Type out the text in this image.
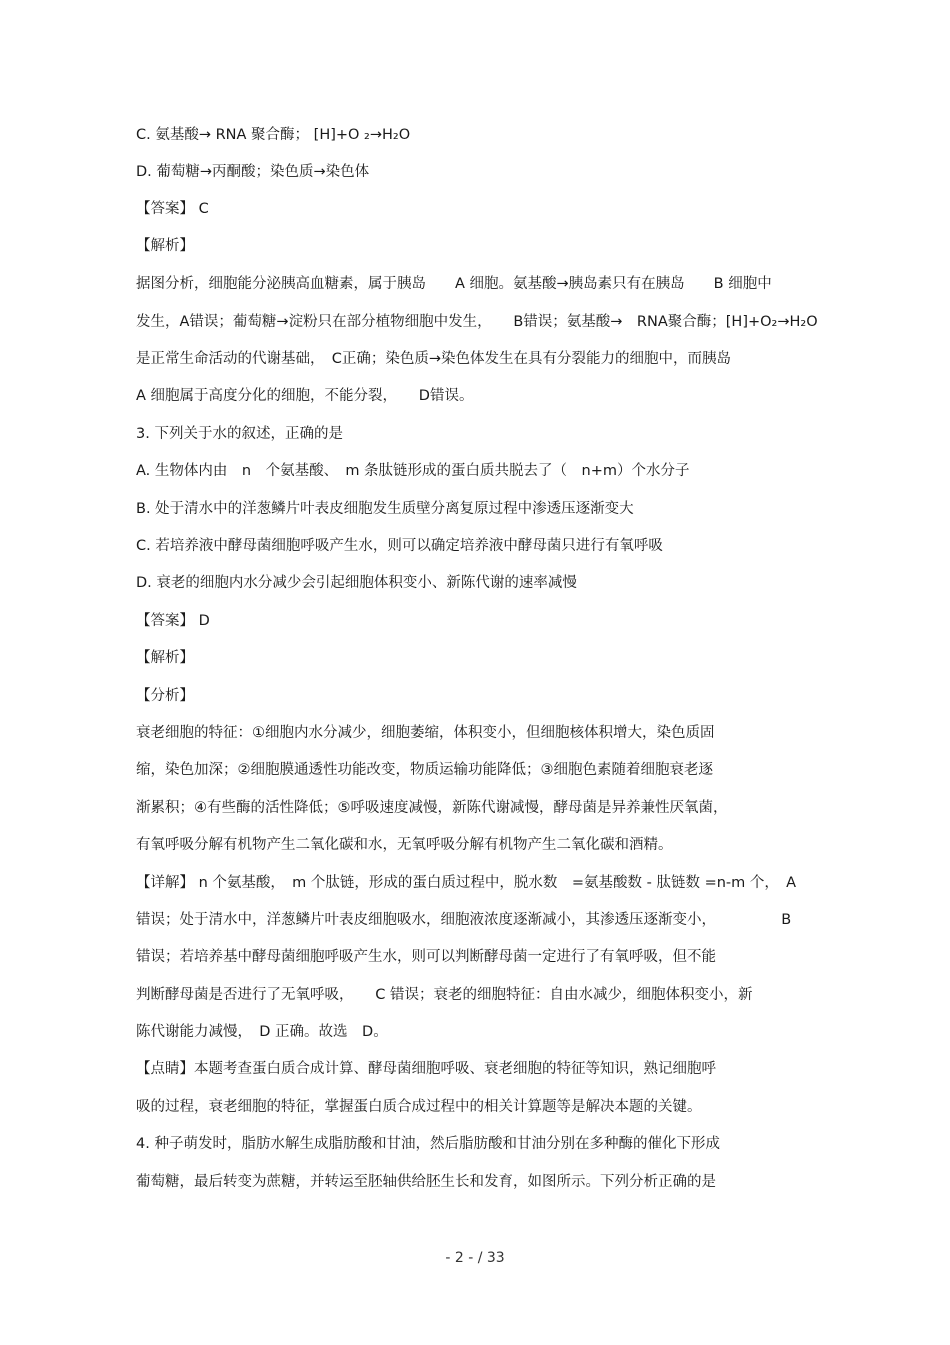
C. 氨基酸→ RNA 聚合酶； [H]+O ₂→H₂O
D. 葡萄糖→丙酮酸；染色质→染色体
【答案】 C
【解析】
据图分析，细胞能分泌胰高血糖素，属于胰岛　　A 细胞。氨基酸→胰岛素只有在胰岛　　B 细胞中
发生，A错误；葡萄糖→淀粉只在部分植物细胞中发生，　　B错误；氨基酸→　RNA聚合酶；[H]+O₂→H₂O
是正常生命活动的代谢基础，　C正确；染色质→染色体发生在具有分裂能力的细胞中，而胰岛
A 细胞属于高度分化的细胞，不能分裂，　　D错误。
3. 下列关于水的叙述，正确的是
A. 生物体内由　n　个氨基酸、　m 条肽链形成的蛋白质共脱去了（　n+m）个水分子
B. 处于清水中的洋葱鳞片叶表皮细胞发生质壁分离复原过程中渗透压逐渐变大
C. 若培养液中酵母菌细胞呼吸产生水，则可以确定培养液中酵母菌只进行有氧呼吸
D. 衰老的细胞内水分减少会引起细胞体积变小、新陈代谢的速率减慢
【答案】 D
【解析】
【分析】
衰老细胞的特征：①细胞内水分减少，细胞萎缩，体积变小，但细胞核体积增大，染色质固
缩，染色加深；②细胞膜通透性功能改变，物质运输功能降低；③细胞色素随着细胞衰老逐
渐累积；④有些酶的活性降低；⑤呼吸速度减慢，新陈代谢减慢，酵母菌是异养兼性厌氧菌，
有氧呼吸分解有机物产生二氧化碳和水，无氧呼吸分解有机物产生二氧化碳和酒精。
【详解】 n 个氨基酸，　m 个肽链，形成的蛋白质过程中，脱水数　=氨基酸数 - 肽链数 =n-m 个，　A
错误；处于清水中，洋葱鳞片叶表皮细胞吸水，细胞液浓度逐渐减小，其渗透压逐渐变小，　　　　　B
错误；若培养基中酵母菌细胞呼吸产生水，则可以判断酵母菌一定进行了有氧呼吸，但不能
判断酵母菌是否进行了无氧呼吸，　　C 错误；衰老的细胞特征：自由水减少，细胞体积变小，新
陈代谢能力减慢，　D 正确。故选　D。
【点睛】本题考查蛋白质合成计算、酵母菌细胞呼吸、衰老细胞的特征等知识，熟记细胞呼
吸的过程，衰老细胞的特征，掌握蛋白质合成过程中的相关计算题等是解决本题的关键。
4. 种子萌发时，脂肪水解生成脂肪酸和甘油，然后脂肪酸和甘油分别在多种酶的催化下形成
葡萄糖，最后转变为蔗糖，并转运至胚轴供给胚生长和发育，如图所示。下列分析正确的是
- 2 - / 33
